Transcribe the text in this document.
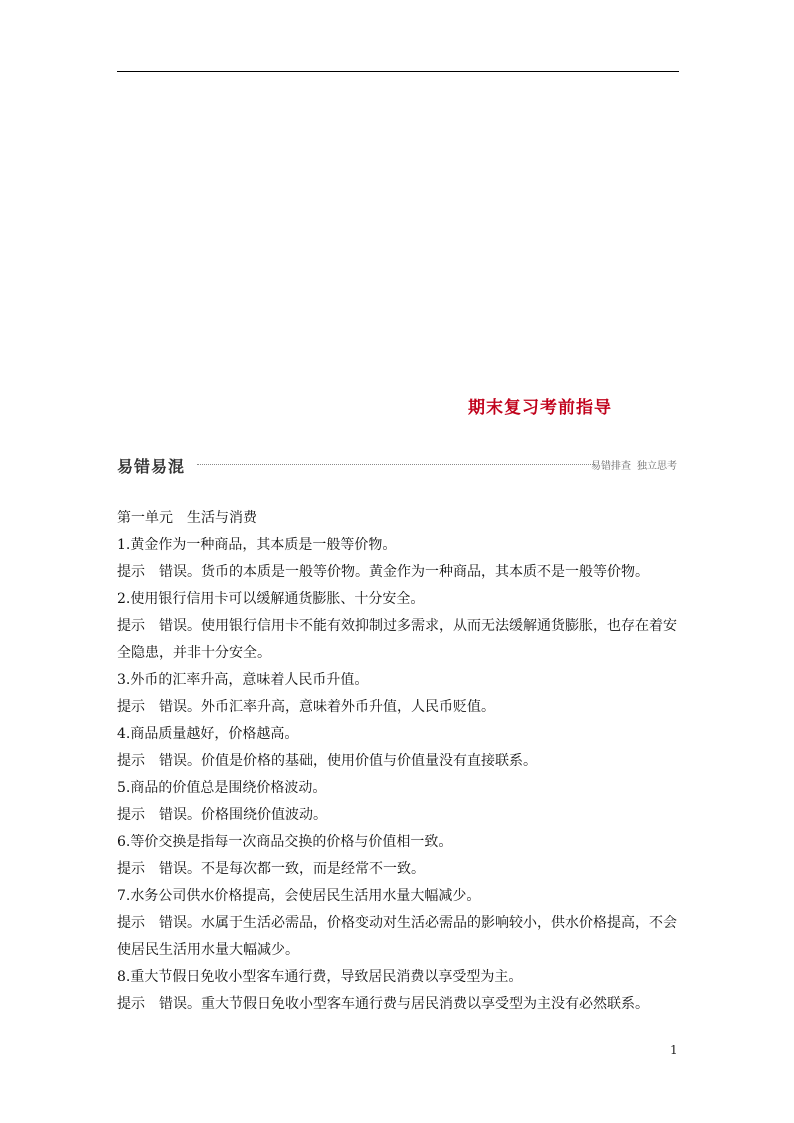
期末复习考前指导
易错易混	易错排查 独立思考

第一单元　生活与消费

1.黄金作为一种商品，其本质是一般等价物。

提示 错误。货币的本质是一般等价物。黄金作为一种商品，其本质不是一般等价物。

2.使用银行信用卡可以缓解通货膨胀、十分安全。

提示 错误。使用银行信用卡不能有效抑制过多需求，从而无法缓解通货膨胀，也存在着安全隐患，并非十分安全。

3.外币的汇率升高，意味着人民币升值。

提示 错误。外币汇率升高，意味着外币升值，人民币贬值。

4.商品质量越好，价格越高。

提示 错误。价值是价格的基础，使用价值与价值量没有直接联系。

5.商品的价值总是围绕价格波动。

提示 错误。价格围绕价值波动。

6.等价交换是指每一次商品交换的价格与价值相一致。

提示 错误。不是每次都一致，而是经常不一致。

7.水务公司供水价格提高，会使居民生活用水量大幅减少。

提示 错误。水属于生活必需品，价格变动对生活必需品的影响较小，供水价格提高，不会使居民生活用水量大幅减少。

8.重大节假日免收小型客车通行费，导致居民消费以享受型为主。

提示 错误。重大节假日免收小型客车通行费与居民消费以享受型为主没有必然联系。

1
